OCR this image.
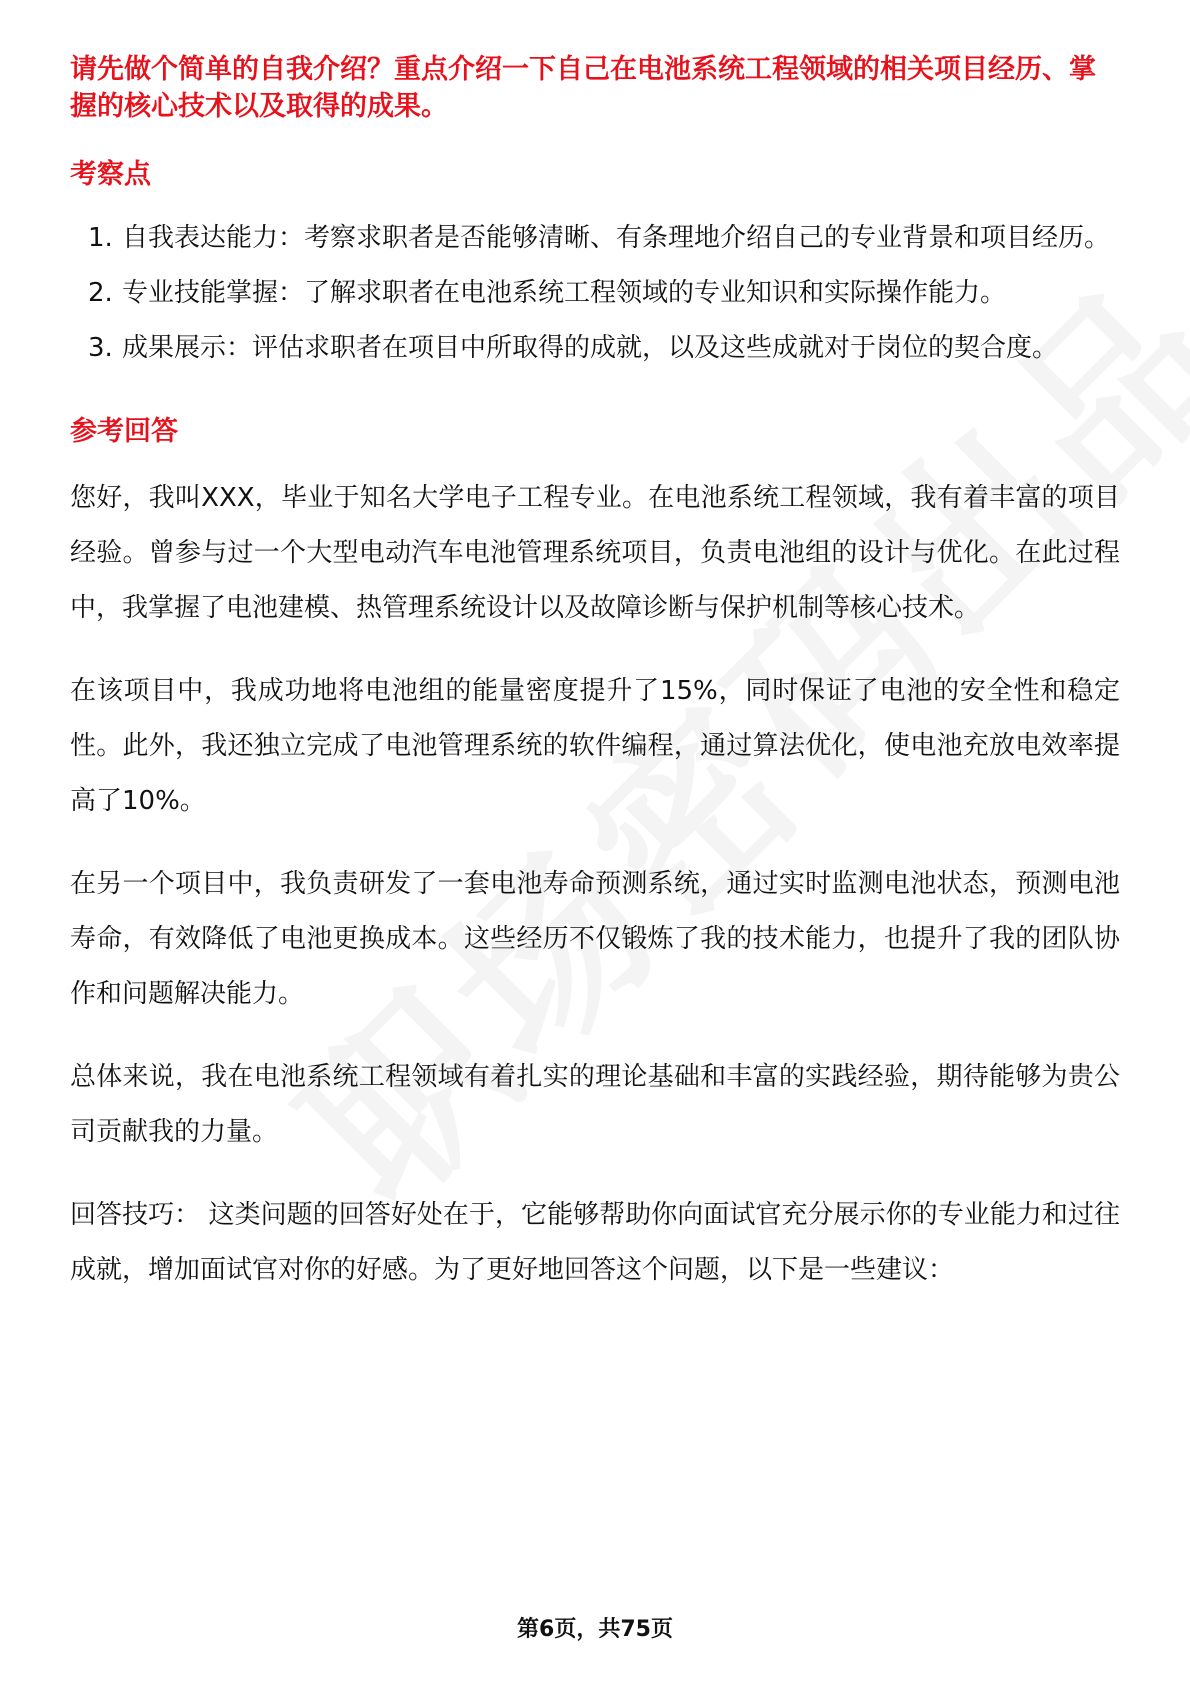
请先做个简单的自我介绍？重点介绍一下自己在电池系统工程领域的相关项目经历、掌握的核心技术以及取得的成果。

考察点
1. 自我表达能力：考察求职者是否能够清晰、有条理地介绍自己的专业背景和项目经历。
2. 专业技能掌握：了解求职者在电池系统工程领域的专业知识和实际操作能力。
3. 成果展示：评估求职者在项目中所取得的成就，以及这些成就对于岗位的契合度。
参考回答

您好，我叫XXX，毕业于知名大学电子工程专业。在电池系统工程领域，我有着丰富的项目经验。曾参与过一个大型电动汽车电池管理系统项目，负责电池组的设计与优化。在此过程中，我掌握了电池建模、热管理系统设计以及故障诊断与保护机制等核心技术。

在该项目中，我成功地将电池组的能量密度提升了15%，同时保证了电池的安全性和稳定性。此外，我还独立完成了电池管理系统的软件编程，通过算法优化，使电池充放电效率提高了10%。

在另一个项目中，我负责研发了一套电池寿命预测系统，通过实时监测电池状态，预测电池寿命，有效降低了电池更换成本。这些经历不仅锻炼了我的技术能力，也提升了我的团队协作和问题解决能力。

总体来说，我在电池系统工程领域有着扎实的理论基础和丰富的实践经验，期待能够为贵公司贡献我的力量。

回答技巧： 这类问题的回答好处在于，它能够帮助你向面试官充分展示你的专业能力和过往成就，增加面试官对你的好感。为了更好地回答这个问题，以下是一些建议：

第6页，共75页
